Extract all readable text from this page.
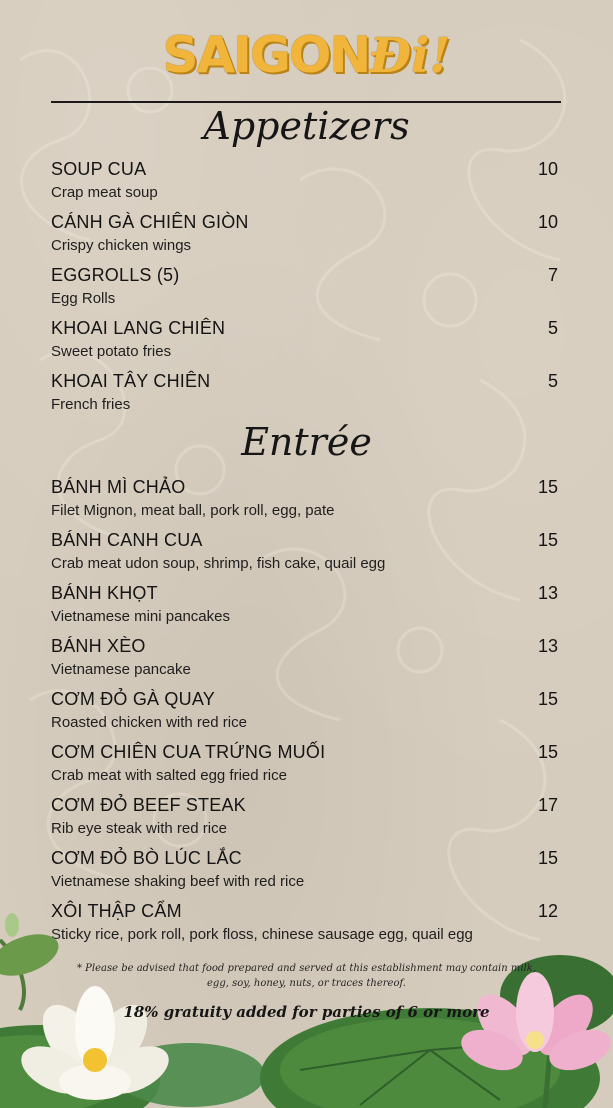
SAIGONĐi!
Appetizers
SOUP CUA	10
Crap meat soup
CÁNH GÀ CHIÊN GIÒN	10
Crispy chicken wings
EGGROLLS (5)	7
Egg Rolls
KHOAI LANG CHIÊN	5
Sweet potato fries
KHOAI TÂY CHIÊN	5
French fries
Entrée
BÁNH MÌ CHẢO	15
Filet Mignon, meat ball, pork roll, egg, pate
BÁNH CANH CUA	15
Crab meat udon soup, shrimp, fish cake, quail egg
BÁNH KHỌT	13
Vietnamese mini pancakes
BÁNH XÈO	13
Vietnamese pancake
CƠM ĐỎ GÀ QUAY	15
Roasted chicken with red rice
CƠM CHIÊN CUA TRỨNG MUỐI	15
Crab meat with salted egg fried rice
CƠM ĐỎ BEEF STEAK	17
Rib eye steak with red rice
CƠM ĐỎ BÒ LÚC LẮC	15
Vietnamese shaking beef with red rice
XÔI THẬP CẨM	12
Sticky rice, pork roll, pork floss, chinese sausage egg, quail egg
* Please be advised that food prepared and served at this establishment may contain milk, egg, soy, honey, nuts, or traces thereof.
18% gratuity added for parties of 6 or more
